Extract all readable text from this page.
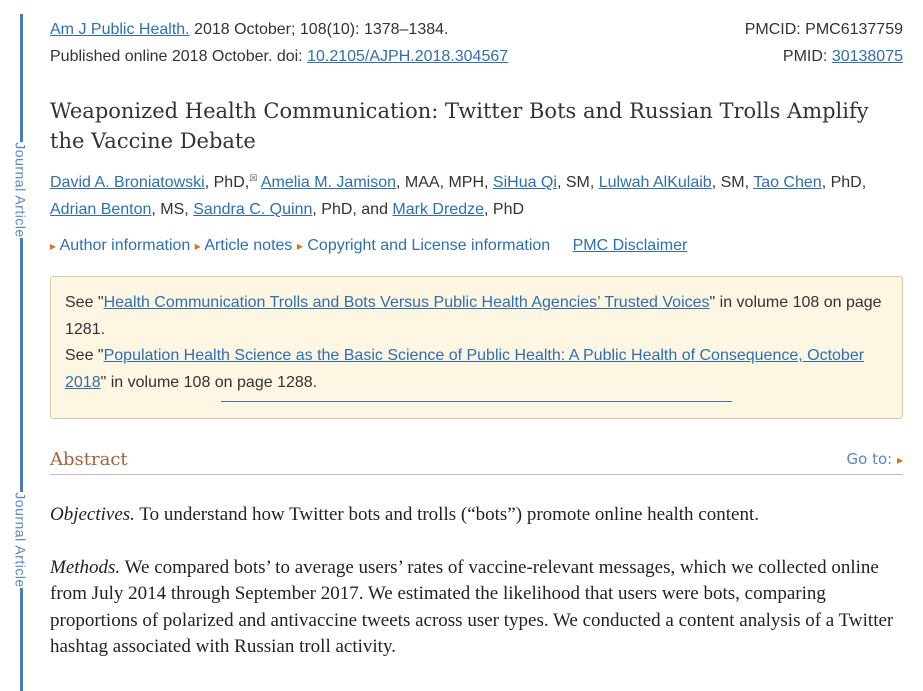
Journal Article
Journal Article
Am J Public Health. 2018 October; 108(10): 1378–1384.	PMCID: PMC6137759
Published online 2018 October. doi: 10.2105/AJPH.2018.304567	PMID: 30138075
Weaponized Health Communication: Twitter Bots and Russian Trolls Amplify the Vaccine Debate
David A. Broniatowski, PhD,☒ Amelia M. Jamison, MAA, MPH, SiHua Qi, SM, Lulwah AlKulaib, SM, Tao Chen, PhD,
Adrian Benton, MS, Sandra C. Quinn, PhD, and Mark Dredze, PhD
▸ Author information ▸ Article notes ▸ Copyright and License information PMC Disclaimer
See "Health Communication Trolls and Bots Versus Public Health Agencies’ Trusted Voices" in volume 108 on page 1281.
See "Population Health Science as the Basic Science of Public Health: A Public Health of Consequence, October 2018" in volume 108 on page 1288.
Abstract	Go to: ▸

Objectives. To understand how Twitter bots and trolls (“bots”) promote online health content.

Methods. We compared bots’ to average users’ rates of vaccine-relevant messages, which we collected online from July 2014 through September 2017. We estimated the likelihood that users were bots, comparing proportions of polarized and antivaccine tweets across user types. We conducted a content analysis of a Twitter hashtag associated with Russian troll activity.
